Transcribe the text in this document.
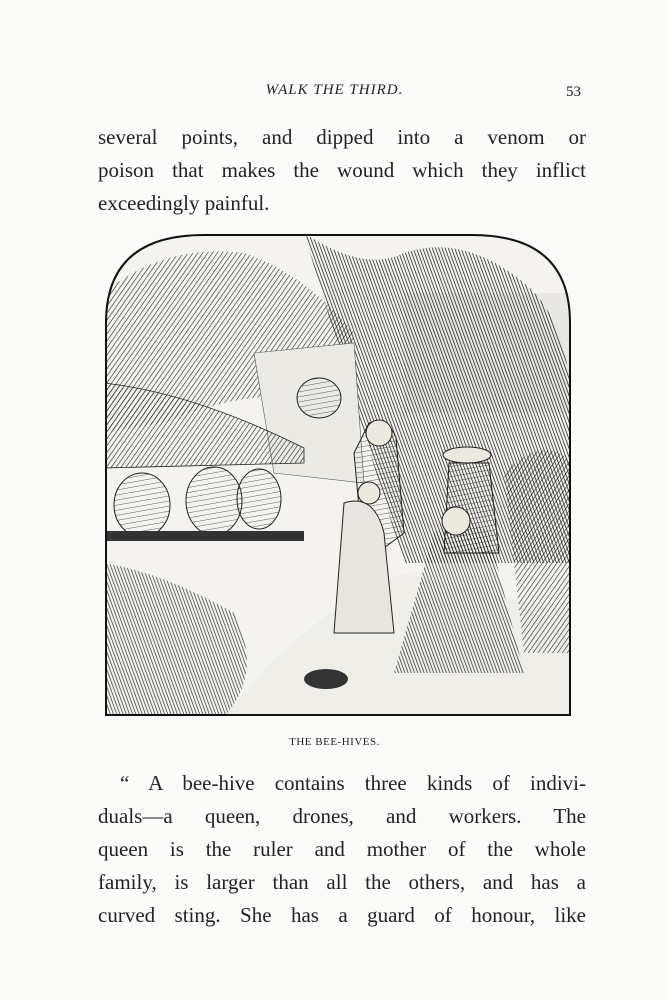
WALK THE THIRD.	53
several points, and dipped into a venom or
poison that makes the wound which they inflict
exceedingly painful.
THE BEE-HIVES.
“ A bee-hive contains three kinds of indivi-
duals—a queen, drones, and workers. The
queen is the ruler and mother of the whole
family, is larger than all the others, and has a
curved sting. She has a guard of honour, like
